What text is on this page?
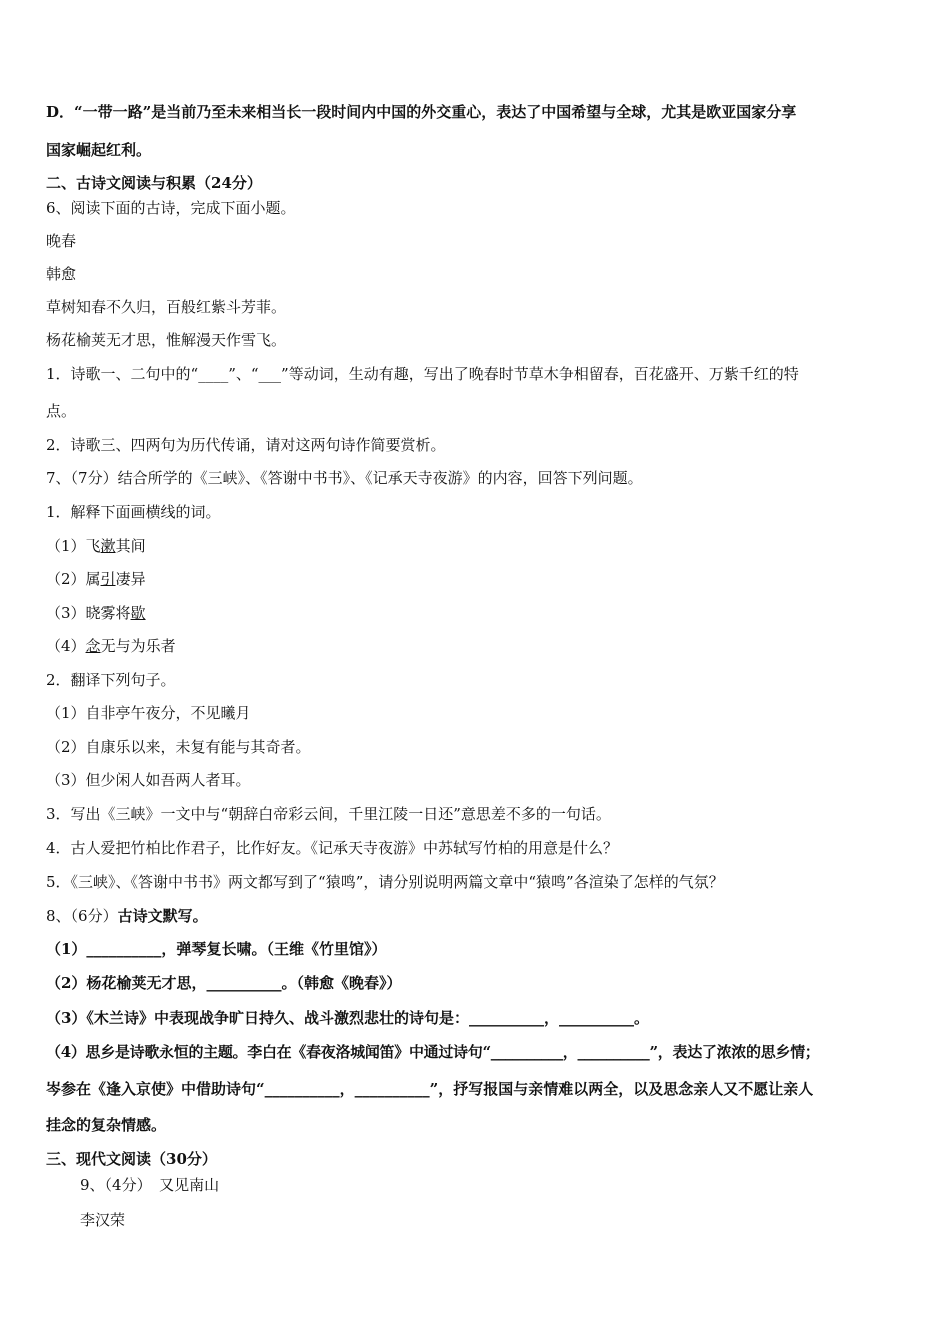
D．“一带一路”是当前乃至未来相当长一段时间内中国的外交重心，表达了中国希望与全球，尤其是欧亚国家分享
国家崛起红利。
二、古诗文阅读与积累（24分）
6、阅读下面的古诗，完成下面小题。
晚春
韩愈
草树知春不久归，百般红紫斗芳菲。
杨花榆荚无才思，惟解漫天作雪飞。
1．诗歌一、二句中的“____”、“___”等动词，生动有趣，写出了晚春时节草木争相留春，百花盛开、万紫千红的特
点。
2．诗歌三、四两句为历代传诵，请对这两句诗作简要赏析。
7、（7分）结合所学的《三峡》、《答谢中书书》、《记承天寺夜游》的内容，回答下列问题。
1．解释下面画横线的词。
（1）飞漱其间
（2）属引凄异
（3）晓雾将歇
（4）念无与为乐者
2．翻译下列句子。
（1）自非亭午夜分，不见曦月
（2）自康乐以来，未复有能与其奇者。
（3）但少闲人如吾两人者耳。
3．写出《三峡》一文中与“朝辞白帝彩云间，千里江陵一日还”意思差不多的一句话。
4．古人爱把竹柏比作君子，比作好友。《记承天寺夜游》中苏轼写竹柏的用意是什么？
5．《三峡》、《答谢中书书》两文都写到了“猿鸣”，请分别说明两篇文章中“猿鸣”各渲染了怎样的气氛？
8、（6分）古诗文默写。
（1）__________，弹琴复长啸。（王维《竹里馆》）
（2）杨花榆荚无才思，__________。（韩愈《晚春》）
（3）《木兰诗》中表现战争旷日持久、战斗激烈悲壮的诗句是：__________，__________。
（4）思乡是诗歌永恒的主题。李白在《春夜洛城闻笛》中通过诗句“__________，__________”，表达了浓浓的思乡情；
岑参在《逢入京使》中借助诗句“__________，__________”，抒写报国与亲情难以两全，以及思念亲人又不愿让亲人
挂念的复杂情感。
三、现代文阅读（30分）
9、（4分）　又见南山
李汉荣
